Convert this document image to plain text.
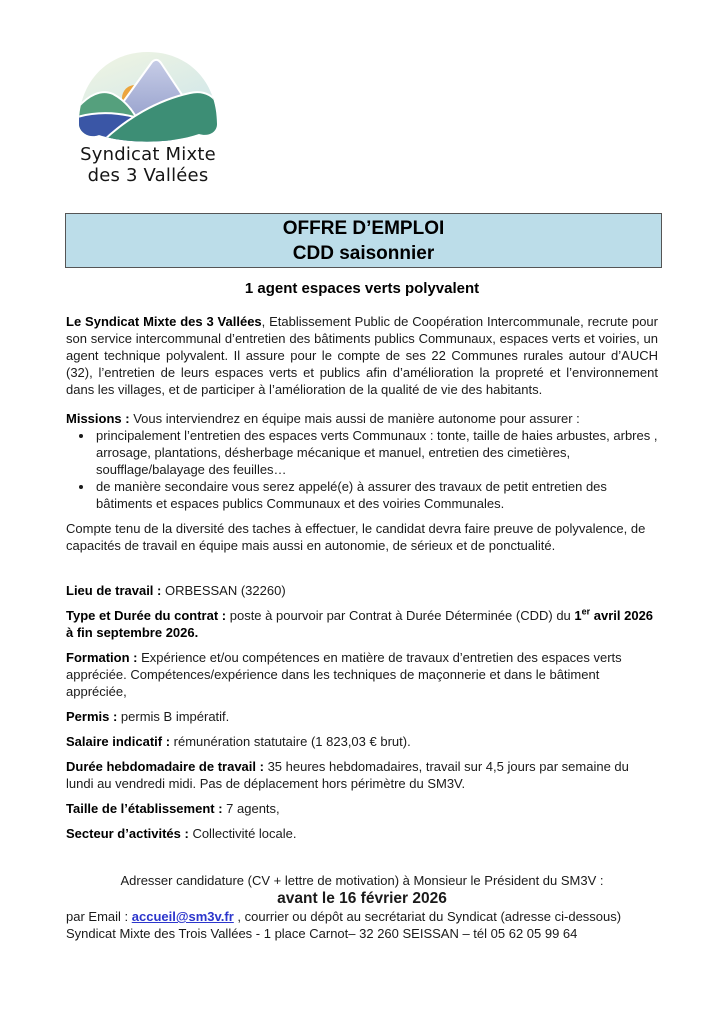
Syndicat Mixte
des 3 Vallées
OFFRE D’EMPLOI
CDD saisonnier
1 agent espaces verts polyvalent

Le Syndicat Mixte des 3 Vallées, Etablissement Public de Coopération Intercommunale, recrute pour son service intercommunal d’entretien des bâtiments publics Communaux, espaces verts et voiries, un agent technique polyvalent. Il assure pour le compte de ses 22 Communes rurales autour d’AUCH (32), l’entretien de leurs espaces verts et publics afin d’amélioration la propreté et l’environnement dans les villages, et de participer à l’amélioration de la qualité de vie des habitants.

Missions : Vous interviendrez en équipe mais aussi de manière autonome pour assurer :

• principalement l’entretien des espaces verts Communaux : tonte, taille de haies arbustes, arbres , arrosage, plantations, désherbage mécanique et manuel, entretien des cimetières, soufflage/balayage des feuilles…
• de manière secondaire vous serez appelé(e) à assurer des travaux de petit entretien des bâtiments et espaces publics Communaux et des voiries Communales.

Compte tenu de la diversité des taches à effectuer, le candidat devra faire preuve de polyvalence, de capacités de travail en équipe mais aussi en autonomie, de sérieux et de ponctualité.

Lieu de travail : ORBESSAN (32260)

Type et Durée du contrat : poste à pourvoir par Contrat à Durée Déterminée (CDD) du 1er avril 2026 à fin septembre 2026.

Formation : Expérience et/ou compétences en matière de travaux d’entretien des espaces verts appréciée. Compétences/expérience dans les techniques de maçonnerie et dans le bâtiment appréciée,

Permis : permis B impératif.

Salaire indicatif : rémunération statutaire (1 823,03 € brut).

Durée hebdomadaire de travail : 35 heures hebdomadaires, travail sur 4,5 jours par semaine du lundi au vendredi midi. Pas de déplacement hors périmètre du SM3V.

Taille de l’établissement : 7 agents,

Secteur d’activités : Collectivité locale.

Adresser candidature (CV + lettre de motivation) à Monsieur le Président du SM3V :

avant le 16 février 2026

par Email : accueil@sm3v.fr , courrier ou dépôt au secrétariat du Syndicat (adresse ci-dessous)

Syndicat Mixte des Trois Vallées - 1 place Carnot– 32 260 SEISSAN – tél 05 62 05 99 64
